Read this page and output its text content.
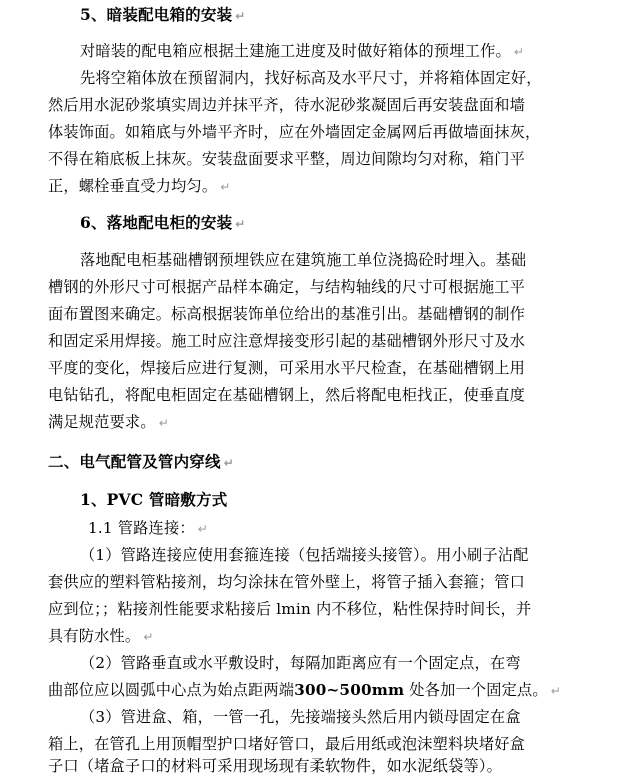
5、暗装配电箱的安装 ↵
对暗装的配电箱应根据土建施工进度及时做好箱体的预埋工作。 ↵
先将空箱体放在预留洞内，找好标高及水平尺寸，并将箱体固定好，
然后用水泥砂浆填实周边并抹平齐，待水泥砂浆凝固后再安装盘面和墙
体装饰面。如箱底与外墙平齐时，应在外墙固定金属网后再做墙面抹灰，
不得在箱底板上抹灰。安装盘面要求平整，周边间隙均匀对称，箱门平
正，螺栓垂直受力均匀。 ↵
6、落地配电柜的安装 ↵
落地配电柜基础槽钢预埋铁应在建筑施工单位浇捣砼时埋入。基础
槽钢的外形尺寸可根据产品样本确定，与结构轴线的尺寸可根据施工平
面布置图来确定。标高根据装饰单位给出的基准引出。基础槽钢的制作
和固定采用焊接。施工时应注意焊接变形引起的基础槽钢外形尺寸及水
平度的变化，焊接后应进行复测，可采用水平尺检查，在基础槽钢上用
电钻钻孔，将配电柜固定在基础槽钢上，然后将配电柜找正，使垂直度
满足规范要求。 ↵
二、电气配管及管内穿线 ↵
1、PVC 管暗敷方式
1.1 管路连接： ↵
（1）管路连接应使用套箍连接（包括端接头接管）。用小刷子沾配
套供应的塑料管粘接剂，均匀涂抹在管外壁上，将管子插入套箍；管口
应到位；；粘接剂性能要求粘接后 lmin 内不移位，粘性保持时间长，并
具有防水性。 ↵
（2）管路垂直或水平敷设时，每隔加距离应有一个固定点，在弯
曲部位应以圆弧中心点为始点距两端300~500mm 处各加一个固定点。 ↵
（3）管进盒、箱，一管一孔，先接端接头然后用内锁母固定在盒
箱上，在管孔上用顶帽型护口堵好管口，最后用纸或泡沫塑料块堵好盒
子口（堵盒子口的材料可采用现场现有柔软物件，如水泥纸袋等）。
